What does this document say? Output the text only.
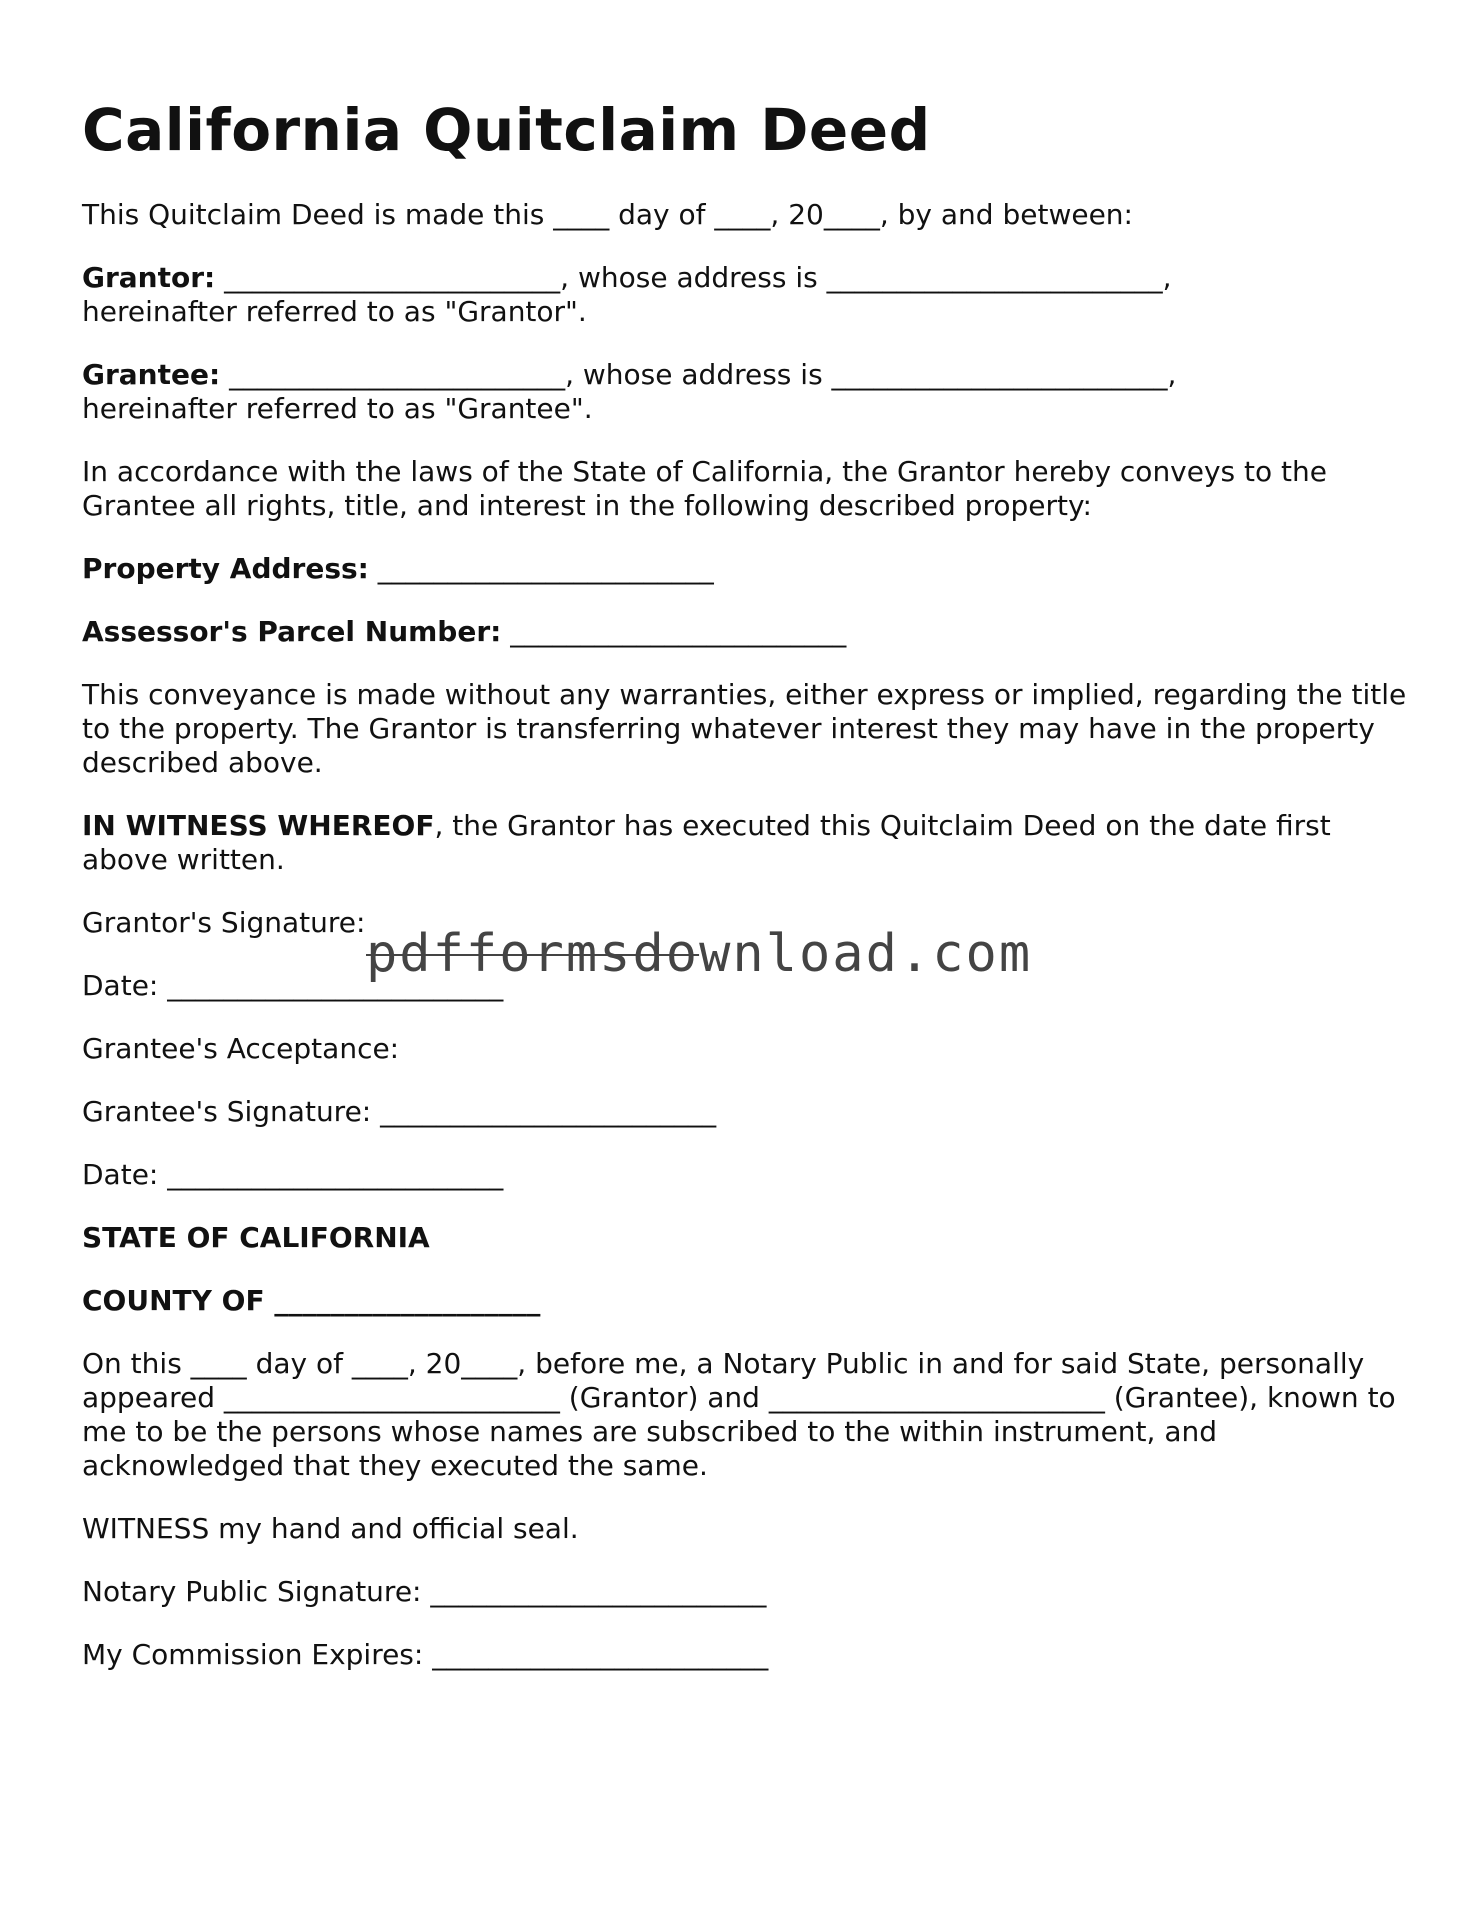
California Quitclaim Deed

This Quitclaim Deed is made this ____ day of ____, 20____, by and between:

Grantor: ________________________, whose address is ________________________,
hereinafter referred to as "Grantor".

Grantee: ________________________, whose address is ________________________,
hereinafter referred to as "Grantee".

In accordance with the laws of the State of California, the Grantor hereby conveys to the Grantee all rights, title, and interest in the following described property:

Property Address: ________________________

Assessor's Parcel Number: ________________________

This conveyance is made without any warranties, either express or implied, regarding the title to the property. The Grantor is transferring whatever interest they may have in the property described above.

IN WITNESS WHEREOF, the Grantor has executed this Quitclaim Deed on the date first above written.

Grantor's Signature:

Date: ________________________

Grantee's Acceptance:

Grantee's Signature: ________________________

Date: ________________________

STATE OF CALIFORNIA

COUNTY OF ___________________

On this ____ day of ____, 20____, before me, a Notary Public in and for said State, personally appeared ________________________ (Grantor) and ________________________ (Grantee), known to me to be the persons whose names are subscribed to the within instrument, and acknowledged that they executed the same.

WITNESS my hand and official seal.

Notary Public Signature: ________________________

My Commission Expires: ________________________

pdfformsdownload.com
